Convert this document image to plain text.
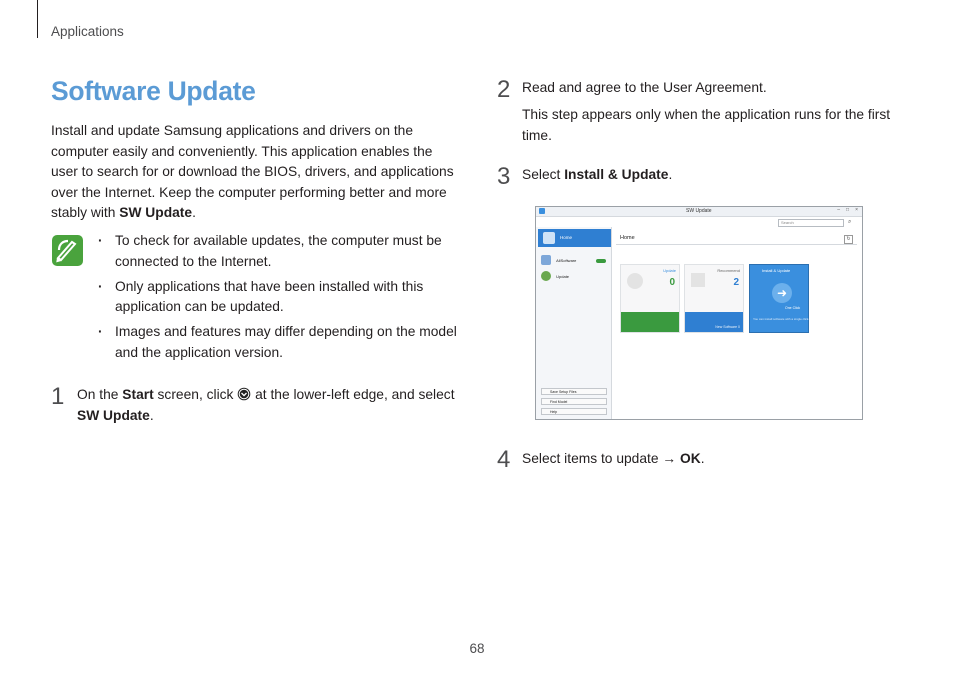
Applications
Software Update
Install and update Samsung applications and drivers on the computer easily and conveniently. This application enables the user to search for or download the BIOS, drivers, and applications over the Internet. Keep the computer performing better and more stably with SW Update.
· To check for available updates, the computer must be connected to the Internet.
· Only applications that have been installed with this application can be updated.
· Images and features may differ depending on the model and the application version.
1 On the Start screen, click  at the lower-left edge, and select
SW Update.
2 Read and agree to the User Agreement.
This step appears only when the application runs for the first time.
3 Select Install & Update.
SW Update	– □ ×
Search	⌕
Home
AllSoftware
Update
Save Setup Files
Find Model
Help
Home	↻
Update
0
Recommend
2
New Software 0
Install & Update
➜
One Click
You can install software with a single click.
4 Select items to update → OK.
68
